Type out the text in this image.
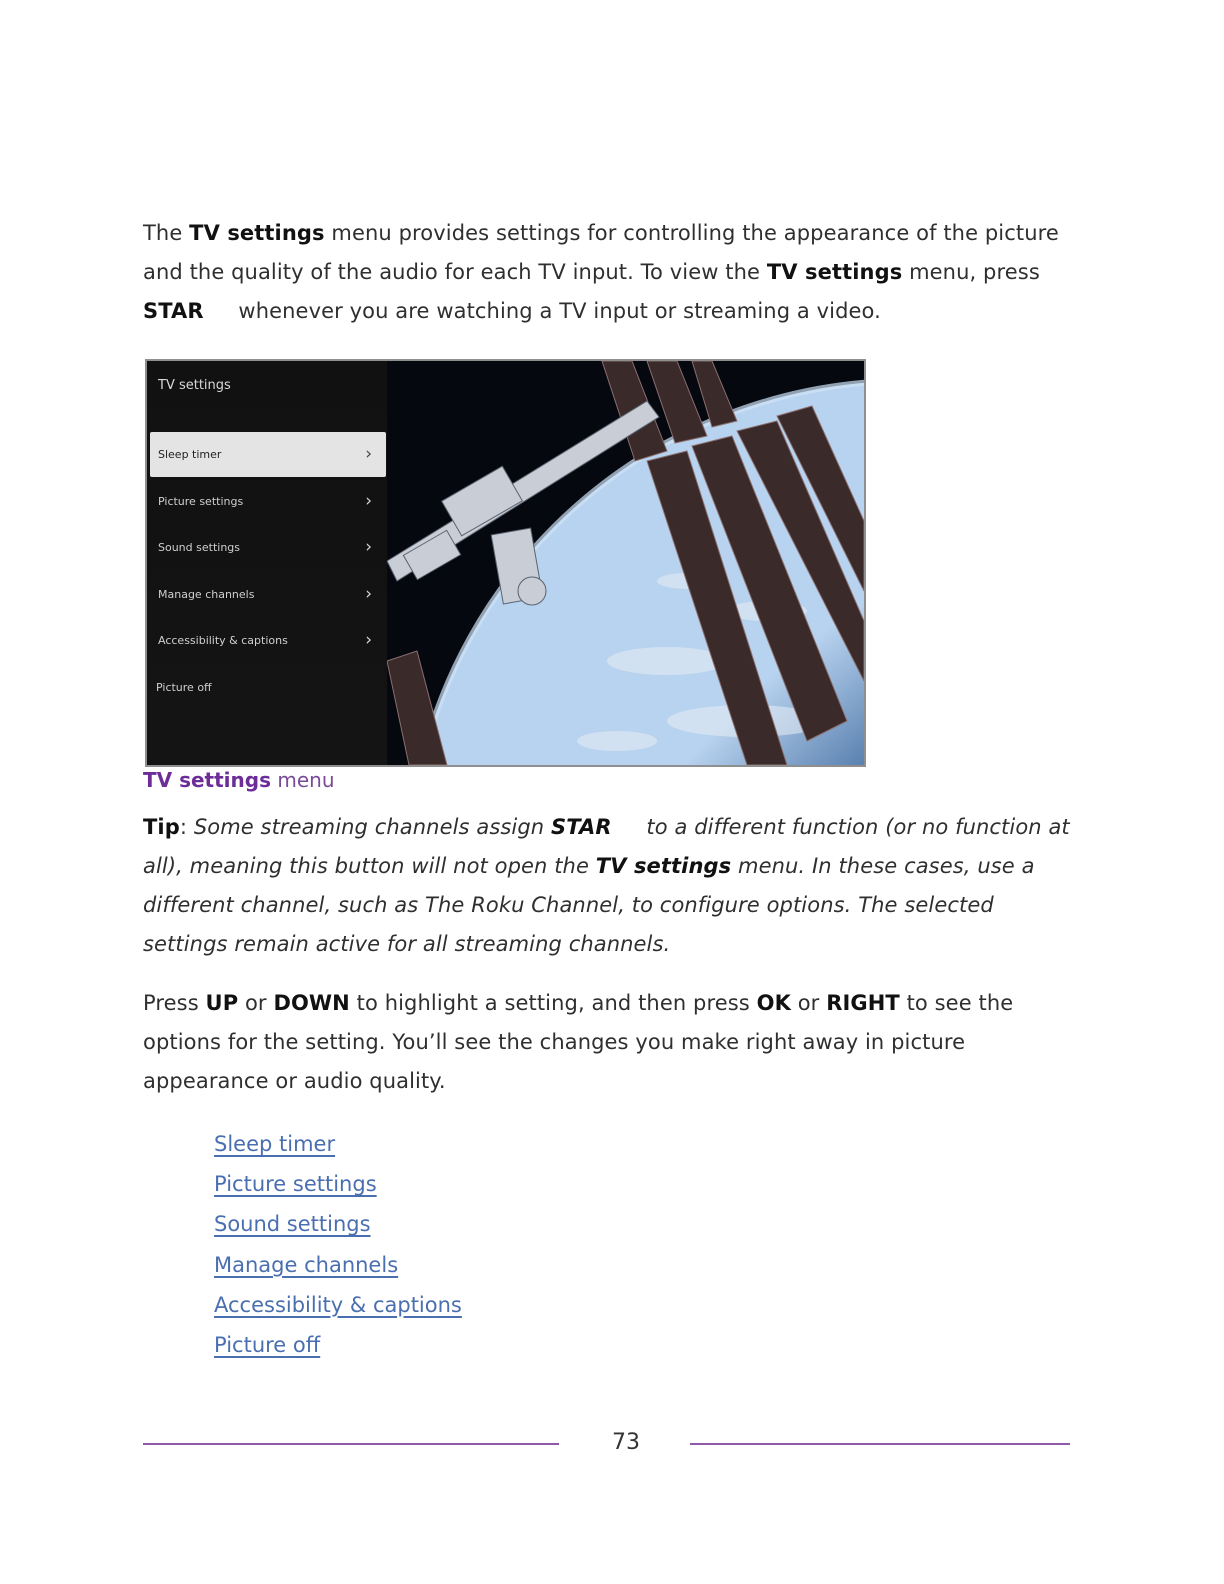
The TV settings menu provides settings for controlling the appearance of the picture and the quality of the audio for each TV input. To view the TV settings menu, press
STAR whenever you are watching a TV input or streaming a video.
TV settings
Sleep timer	›
Picture settings	›
Sound settings	›
Manage channels	›
Accessibility & captions	›
Picture off
TV settings menu
Tip: Some streaming channels assign STAR to a different function (or no function at all), meaning this button will not open the TV settings menu. In these cases, use a different channel, such as The Roku Channel, to configure options. The selected settings remain active for all streaming channels.
Press UP or DOWN to highlight a setting, and then press OK or RIGHT to see the options for the setting. You’ll see the changes you make right away in picture appearance or audio quality.
Sleep timer
Picture settings
Sound settings
Manage channels
Accessibility & captions
Picture off
73
